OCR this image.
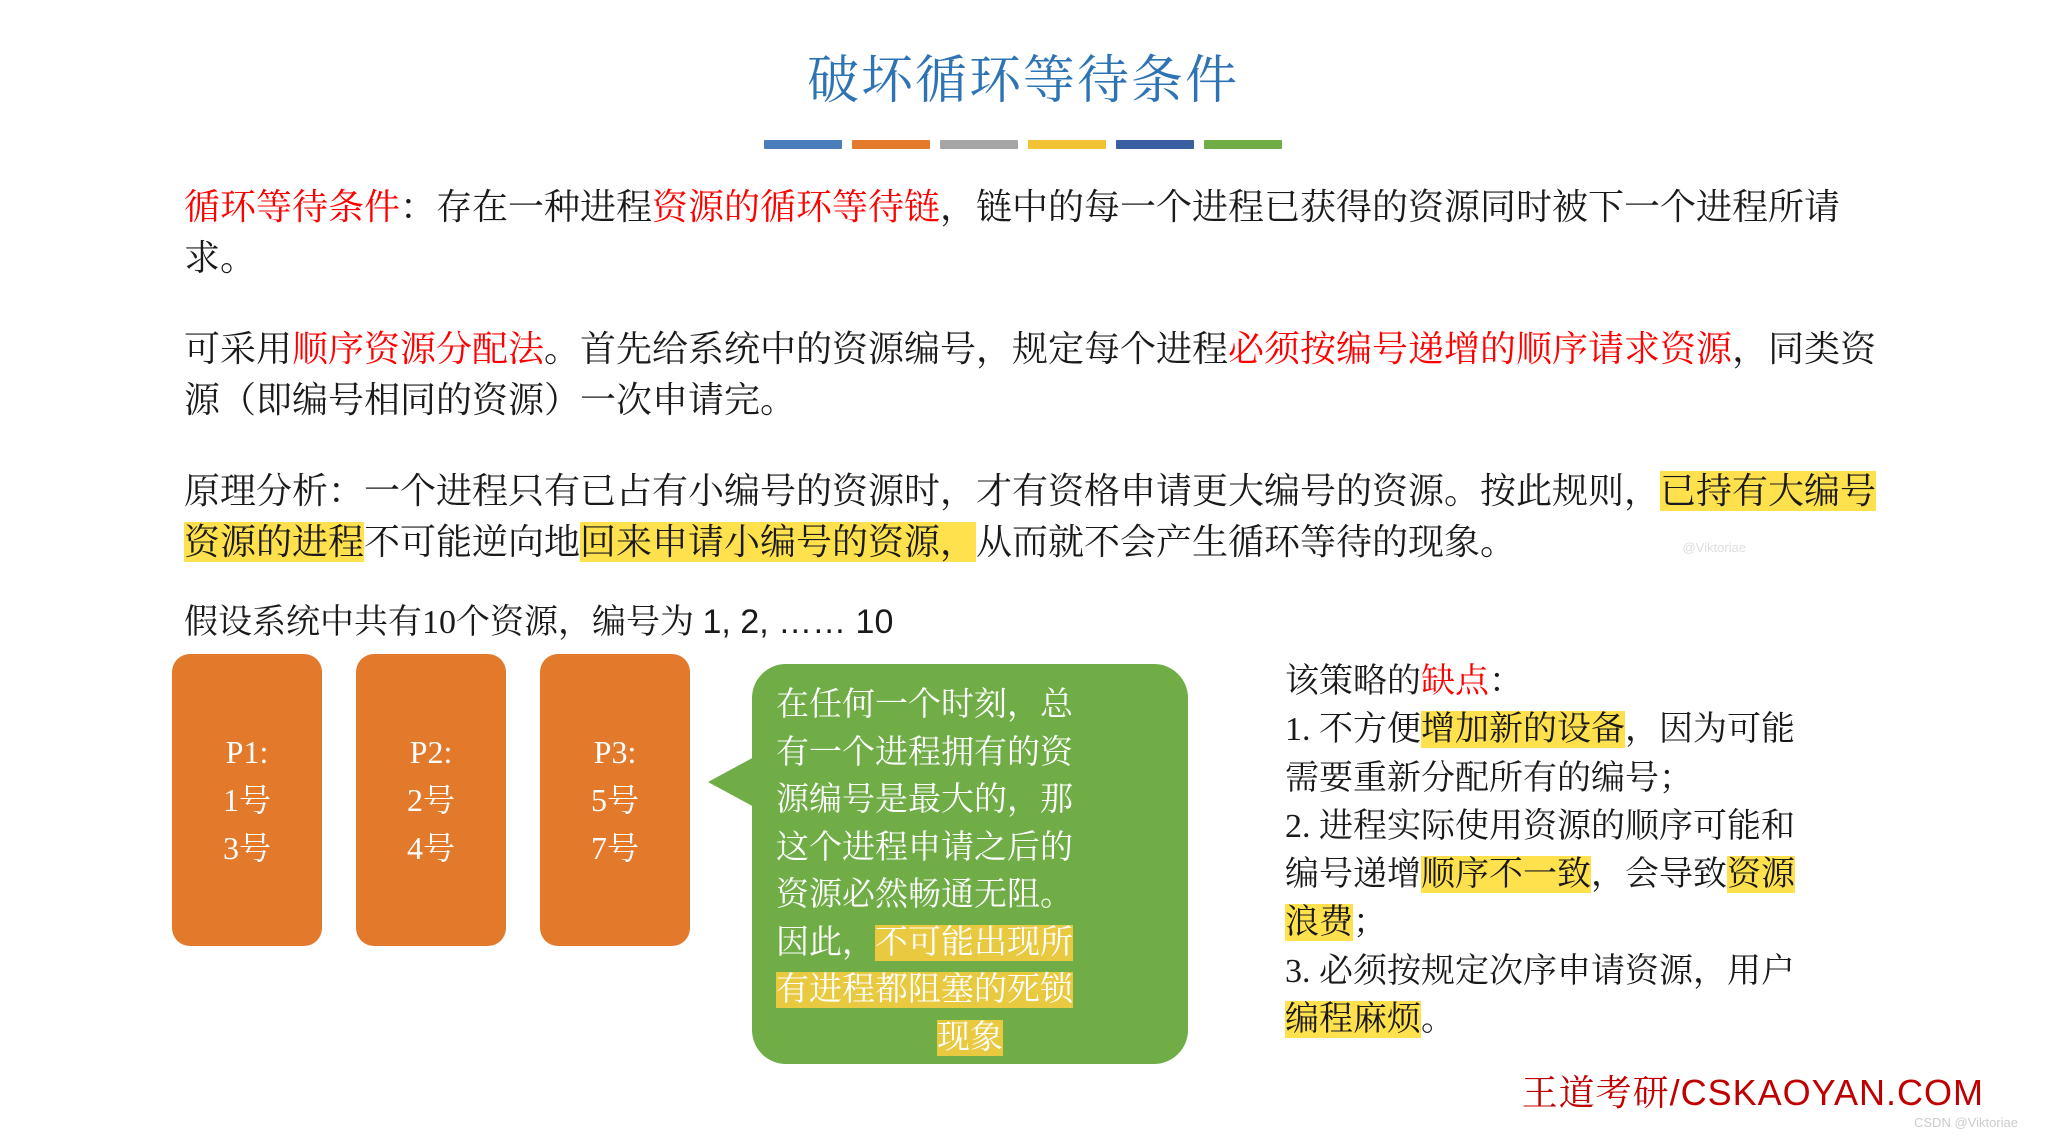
破坏循环等待条件
循环等待条件：存在一种进程资源的循环等待链，链中的每一个进程已获得的资源同时被下一个进程所请求。
可采用顺序资源分配法。首先给系统中的资源编号，规定每个进程必须按编号递增的顺序请求资源，同类资源（即编号相同的资源）一次申请完。
原理分析：一个进程只有已占有小编号的资源时，才有资格申请更大编号的资源。按此规则，已持有大编号资源的进程不可能逆向地回来申请小编号的资源，从而就不会产生循环等待的现象。
假设系统中共有10个资源，编号为 1, 2, …… 10
P1:
1号
3号
P2:
2号
4号
P3:
5号
7号
在任何一个时刻，总
有一个进程拥有的资
源编号是最大的，那
这个进程申请之后的
资源必然畅通无阻。
因此，不可能出现所
有进程都阻塞的死锁
现象
该策略的缺点：
1. 不方便增加新的设备，因为可能
需要重新分配所有的编号；
2. 进程实际使用资源的顺序可能和
编号递增顺序不一致，会导致资源
浪费；
3. 必须按规定次序申请资源，用户
编程麻烦。
王道考研/CSKAOYAN.COM
CSDN @Viktoriae
@Viktoriae
